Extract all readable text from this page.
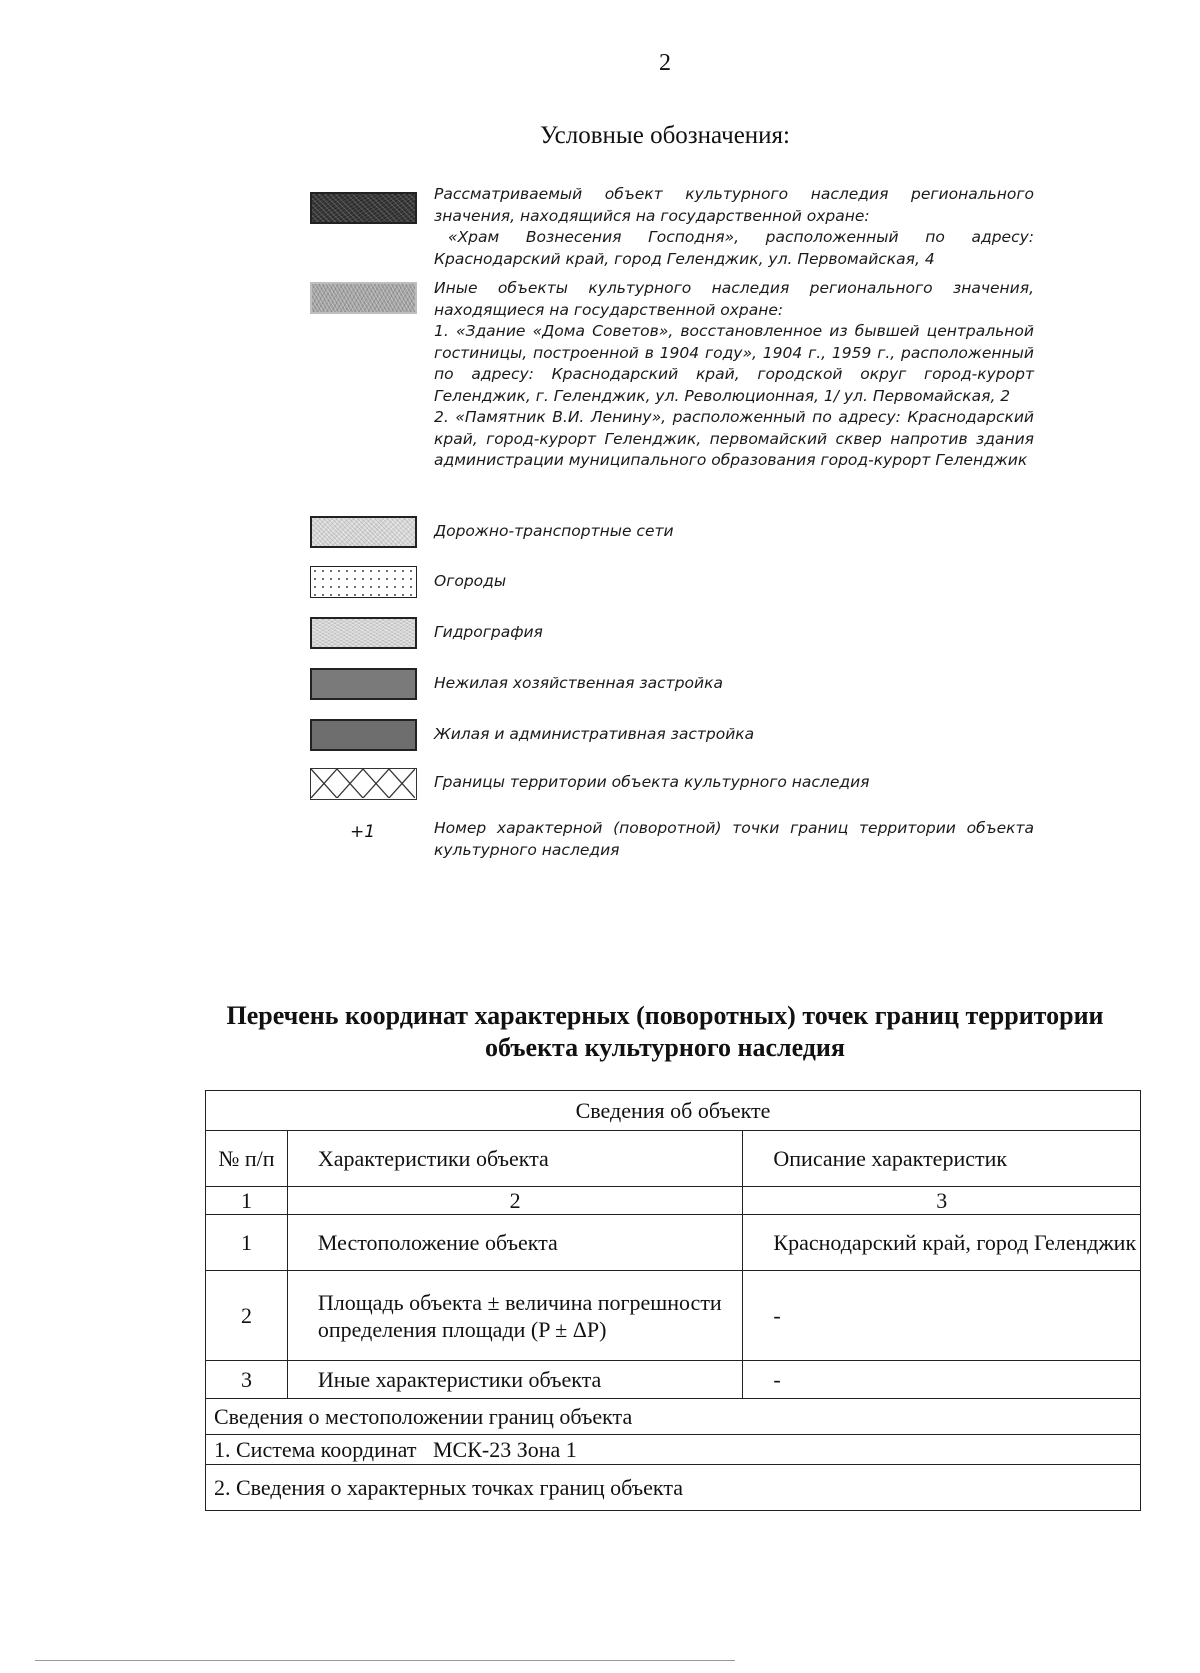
2
Условные обозначения:

Рассматриваемый объект культурного наследия регионального значения, находящийся на государственной охране:

«Храм Вознесения Господня», расположенный по адресу: Краснодарский край, город Геленджик, ул. Первомайская, 4

Иные объекты культурного наследия регионального значения, находящиеся на государственной охране:

1. «Здание «Дома Советов», восстановленное из бывшей центральной гостиницы, построенной в 1904 году», 1904 г., 1959 г., расположенный по адресу: Краснодарский край, городской округ город-курорт Геленджик, г. Геленджик, ул. Революционная, 1/ ул. Первомайская, 2

2. «Памятник В.И. Ленину», расположенный по адресу: Краснодарский край, город-курорт Геленджик, первомайский сквер напротив здания администрации муниципального образования город-курорт Геленджик

Дорожно-транспортные сети
Огороды
Гидрография
Нежилая хозяйственная застройка
Жилая и административная застройка
Границы территории объекта культурного наследия
+1	Номер характерной (поворотной) точки границ территории объекта культурного наследия
Перечень координат характерных (поворотных) точек границ территории объекта культурного наследия
Сведения об объекте		
№ п/п	Характеристики объекта	Описание характеристик
1	2	3
1	Местоположение объекта	Краснодарский край, город Геленджик
2	Площадь объекта ± величина погрешности определения площади (P ± ΔP)	-
3	Иные характеристики объекта	-
Сведения о местоположении границ объекта		
1. Система координат   МСК-23 Зона 1		
2. Сведения о характерных точках границ объекта		
